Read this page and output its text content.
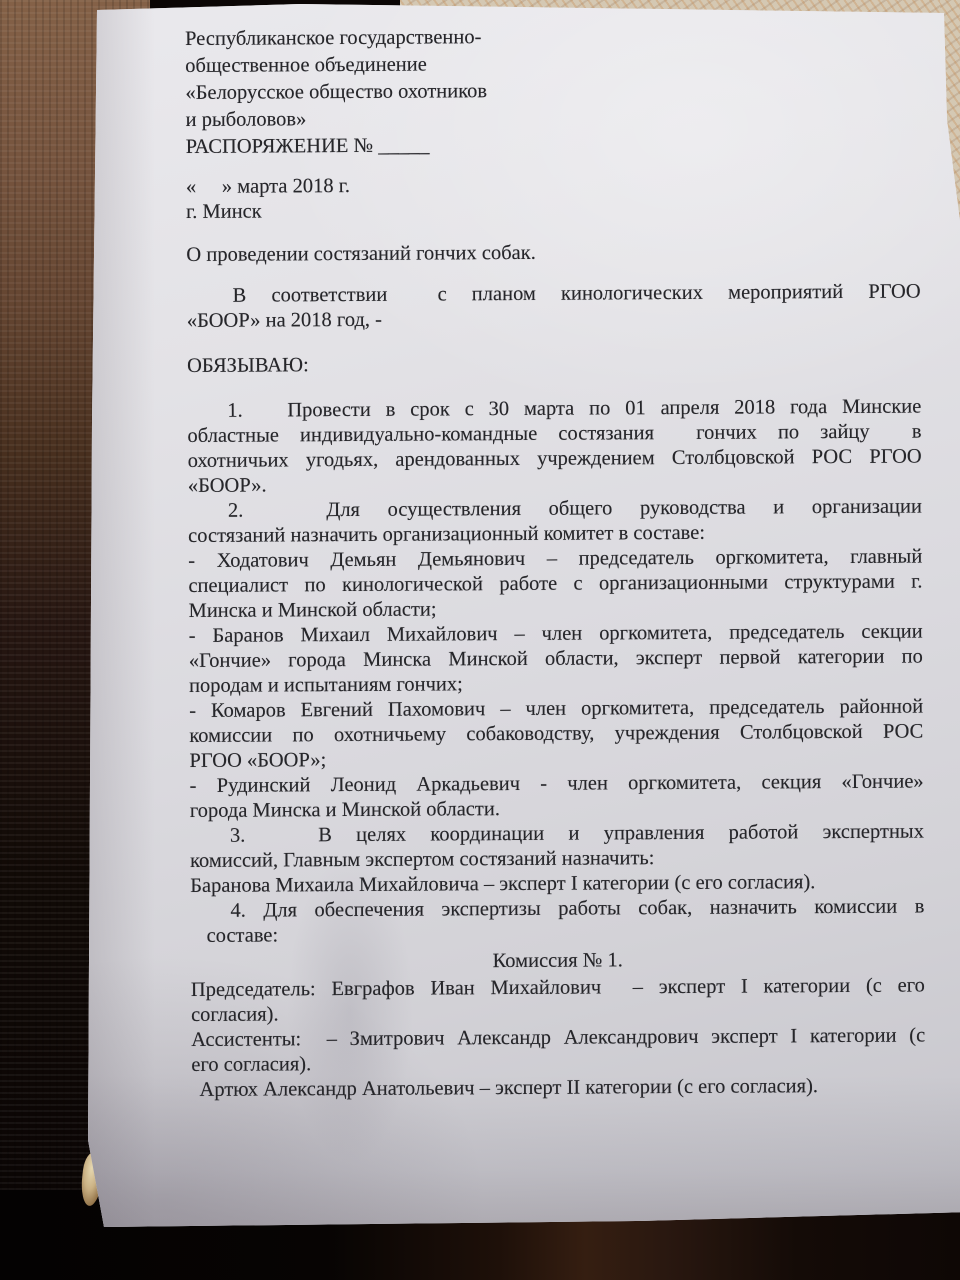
Республиканское государственно-
общественное объединение
«Белорусское общество охотников
и рыболовов»
РАСПОРЯЖЕНИЕ № _____
«     » марта 2018 г.
г. Минск
О проведении состязаний гончих собак.
В соответствии  с планом кинологических мероприятий РГОО
«БООР» на 2018 год, -
ОБЯЗЫВАЮ:
1.   Провести в срок с 30 марта по 01 апреля 2018 года Минские
областные индивидуально-командные состязания  гончих по зайцу  в
охотничьих угодьях, арендованных учреждением Столбцовской РОС РГОО
«БООР».
2.   Для осуществления общего руководства и организации
состязаний назначить организационный комитет в составе:
- Ходатович Демьян Демьянович – председатель оргкомитета, главный
специалист по кинологической работе с организационными структурами г.
Минска и Минской области;
- Баранов Михаил Михайлович – член оргкомитета, председатель секции
«Гончие» города Минска Минской области, эксперт первой категории по
породам и испытаниям гончих;
- Комаров Евгений Пахомович – член оргкомитета, председатель районной
комиссии по охотничьему собаководству, учреждения Столбцовской РОС
РГОО «БООР»;
- Рудинский Леонид Аркадьевич - член оргкомитета, секция «Гончие»
города Минска и Минской области.
3.   В целях координации и управления работой экспертных
комиссий, Главным экспертом состязаний назначить:
Баранова Михаила Михайловича – эксперт I категории (с его согласия).
4. Для обеспечения экспертизы работы собак, назначить комиссии в
составе:
Комиссия № 1.
Председатель: Евграфов Иван Михайлович  – эксперт I категории (с его
согласия).
Ассистенты:  – Змитрович Александр Александрович эксперт I категории (с
его согласия).
Артюх Александр Анатольевич – эксперт II категории (с его согласия).
